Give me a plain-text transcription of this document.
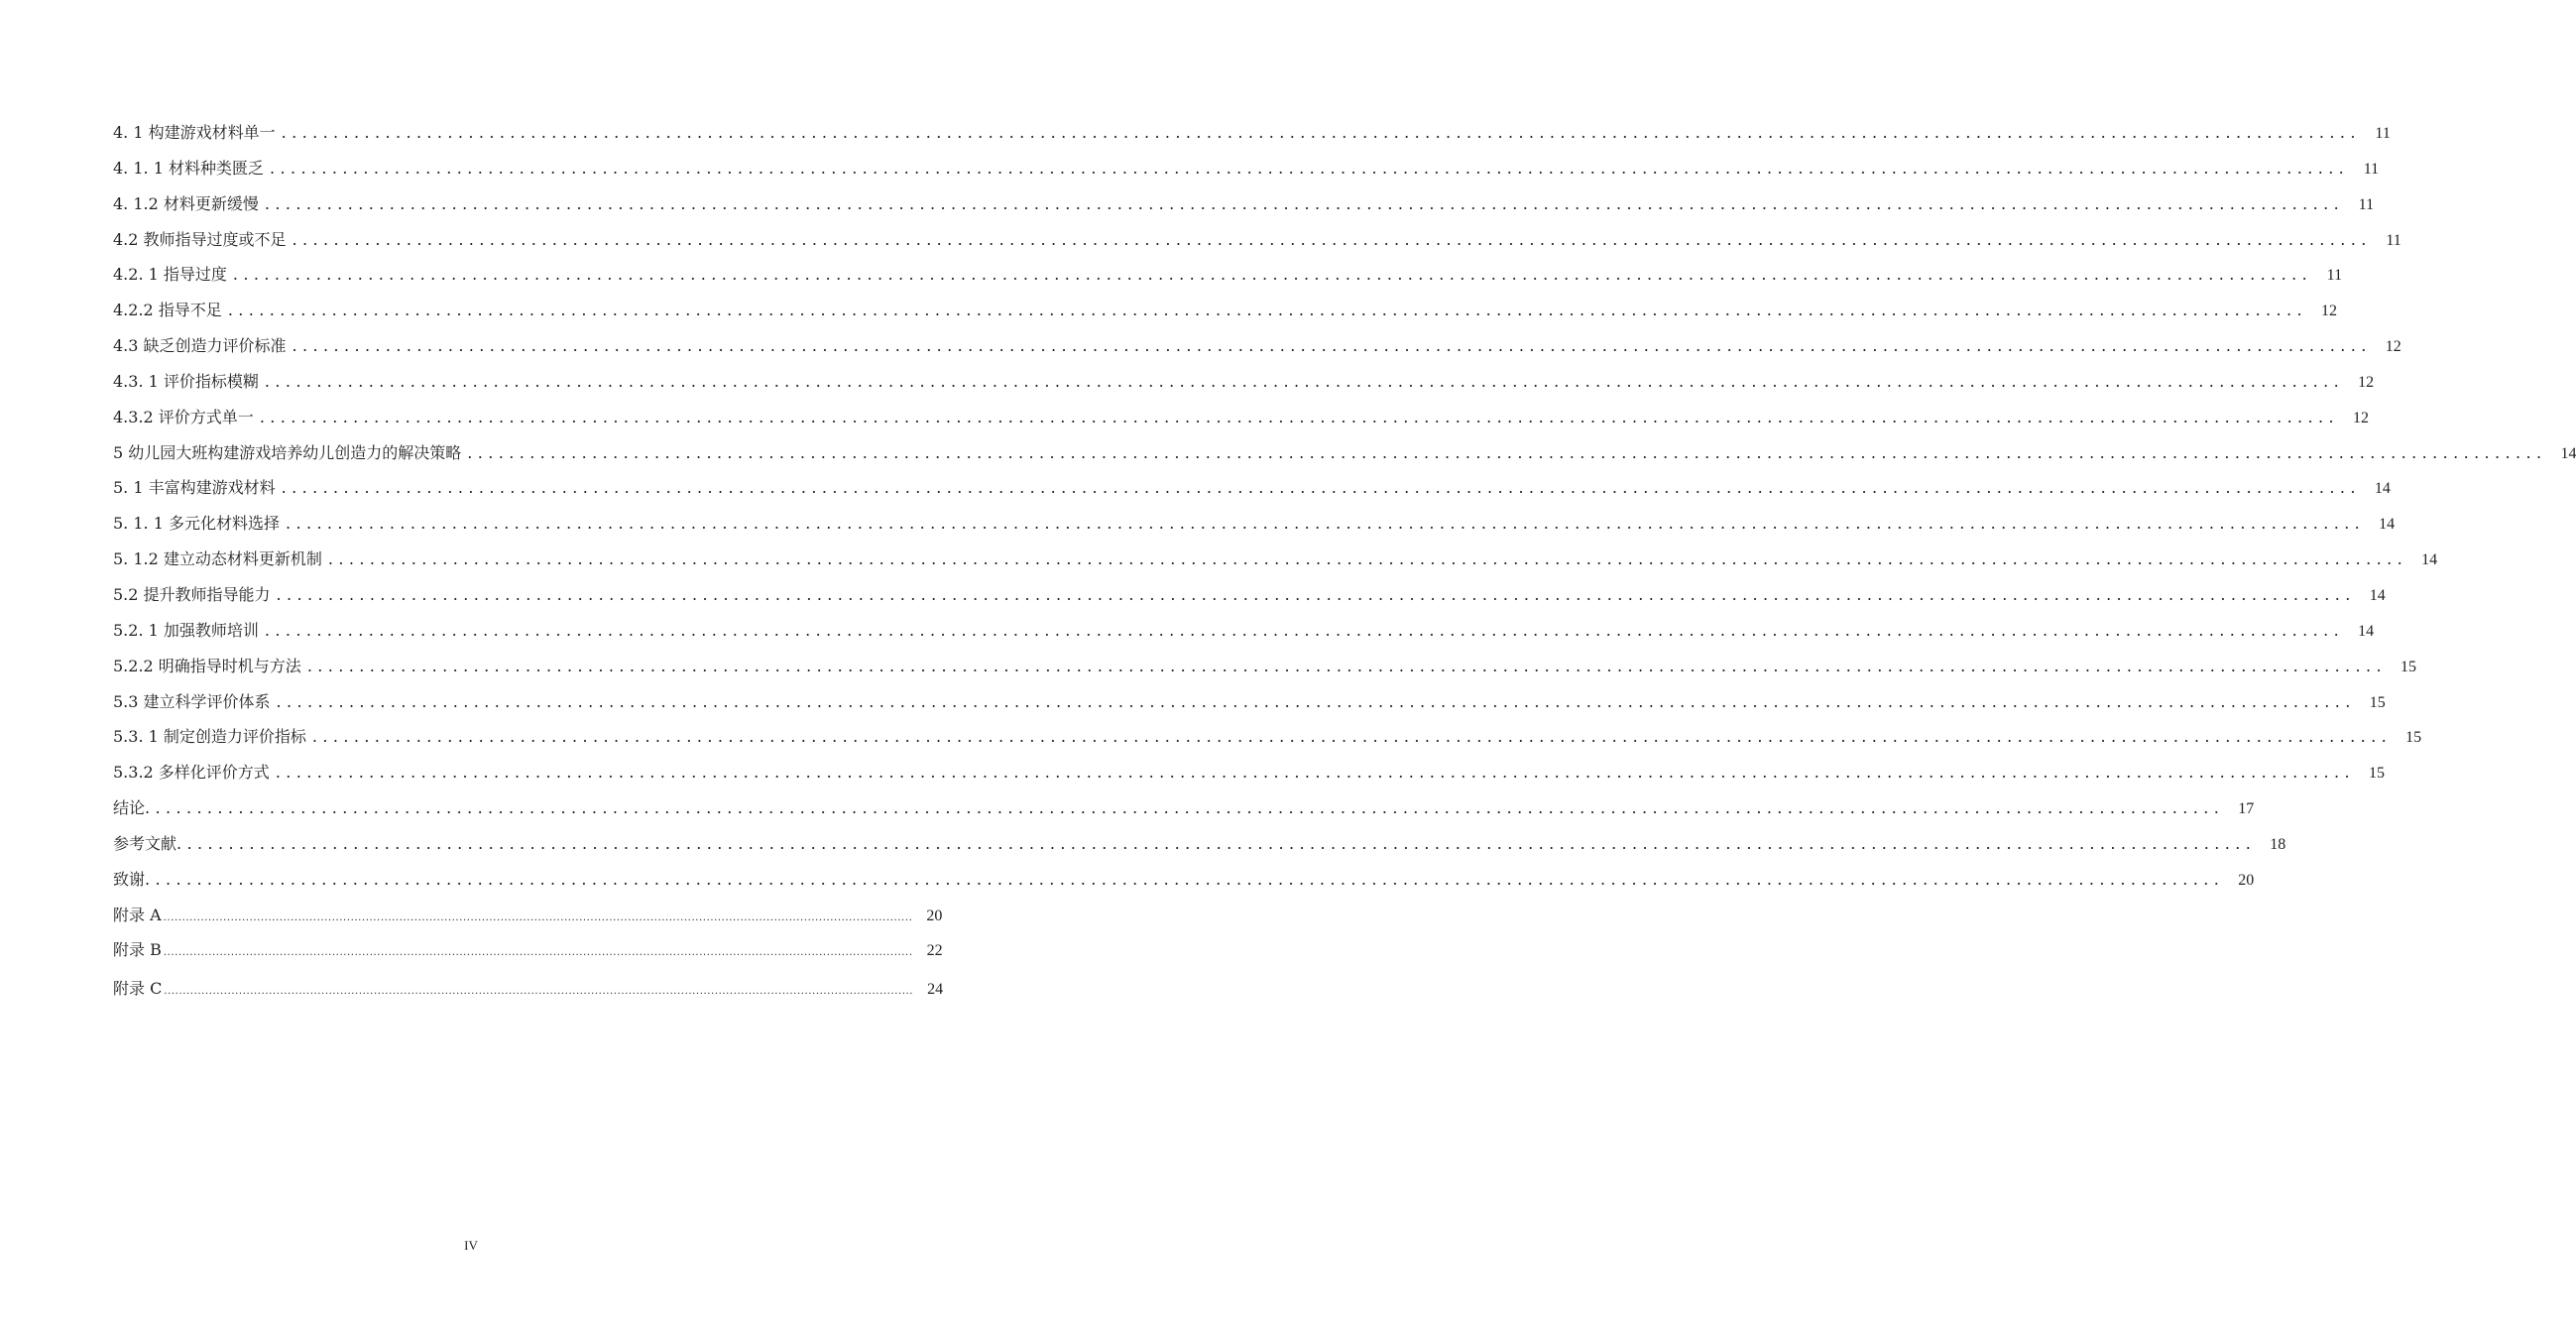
4. 1 构建游戏材料单一 ........................................................................................................................................................................................................ 11
4. 1. 1 材料种类匮乏 ........................................................................................................................................................................................................ 11
4. 1.2 材料更新缓慢 ........................................................................................................................................................................................................ 11
4.2 教师指导过度或不足 ........................................................................................................................................................................................................ 11
4.2. 1 指导过度 ........................................................................................................................................................................................................ 11
4.2.2 指导不足 ........................................................................................................................................................................................................ 12
4.3 缺乏创造力评价标准 ........................................................................................................................................................................................................ 12
4.3. 1 评价指标模糊 ........................................................................................................................................................................................................ 12
4.3.2 评价方式单一 ........................................................................................................................................................................................................ 12
5 幼儿园大班构建游戏培养幼儿创造力的解决策略 ........................................................................................................................................................................................................ 14
5. 1 丰富构建游戏材料 ........................................................................................................................................................................................................ 14
5. 1. 1 多元化材料选择 ........................................................................................................................................................................................................ 14
5. 1.2 建立动态材料更新机制 ........................................................................................................................................................................................................ 14
5.2 提升教师指导能力 ........................................................................................................................................................................................................ 14
5.2. 1 加强教师培训 ........................................................................................................................................................................................................ 14
5.2.2 明确指导时机与方法 ........................................................................................................................................................................................................ 15
5.3 建立科学评价体系 ........................................................................................................................................................................................................ 15
5.3. 1 制定创造力评价指标 ........................................................................................................................................................................................................ 15
5.3.2 多样化评价方式 ........................................................................................................................................................................................................ 15
结论 ........................................................................................................................................................................................................ 17
参考文献 ........................................................................................................................................................................................................ 18
致谢 ........................................................................................................................................................................................................ 20
附录 A ........................................................................................................................................................................................................ 20
附录 B ........................................................................................................................................................................................................ 22
附录 C ........................................................................................................................................................................................................ 24
IV
